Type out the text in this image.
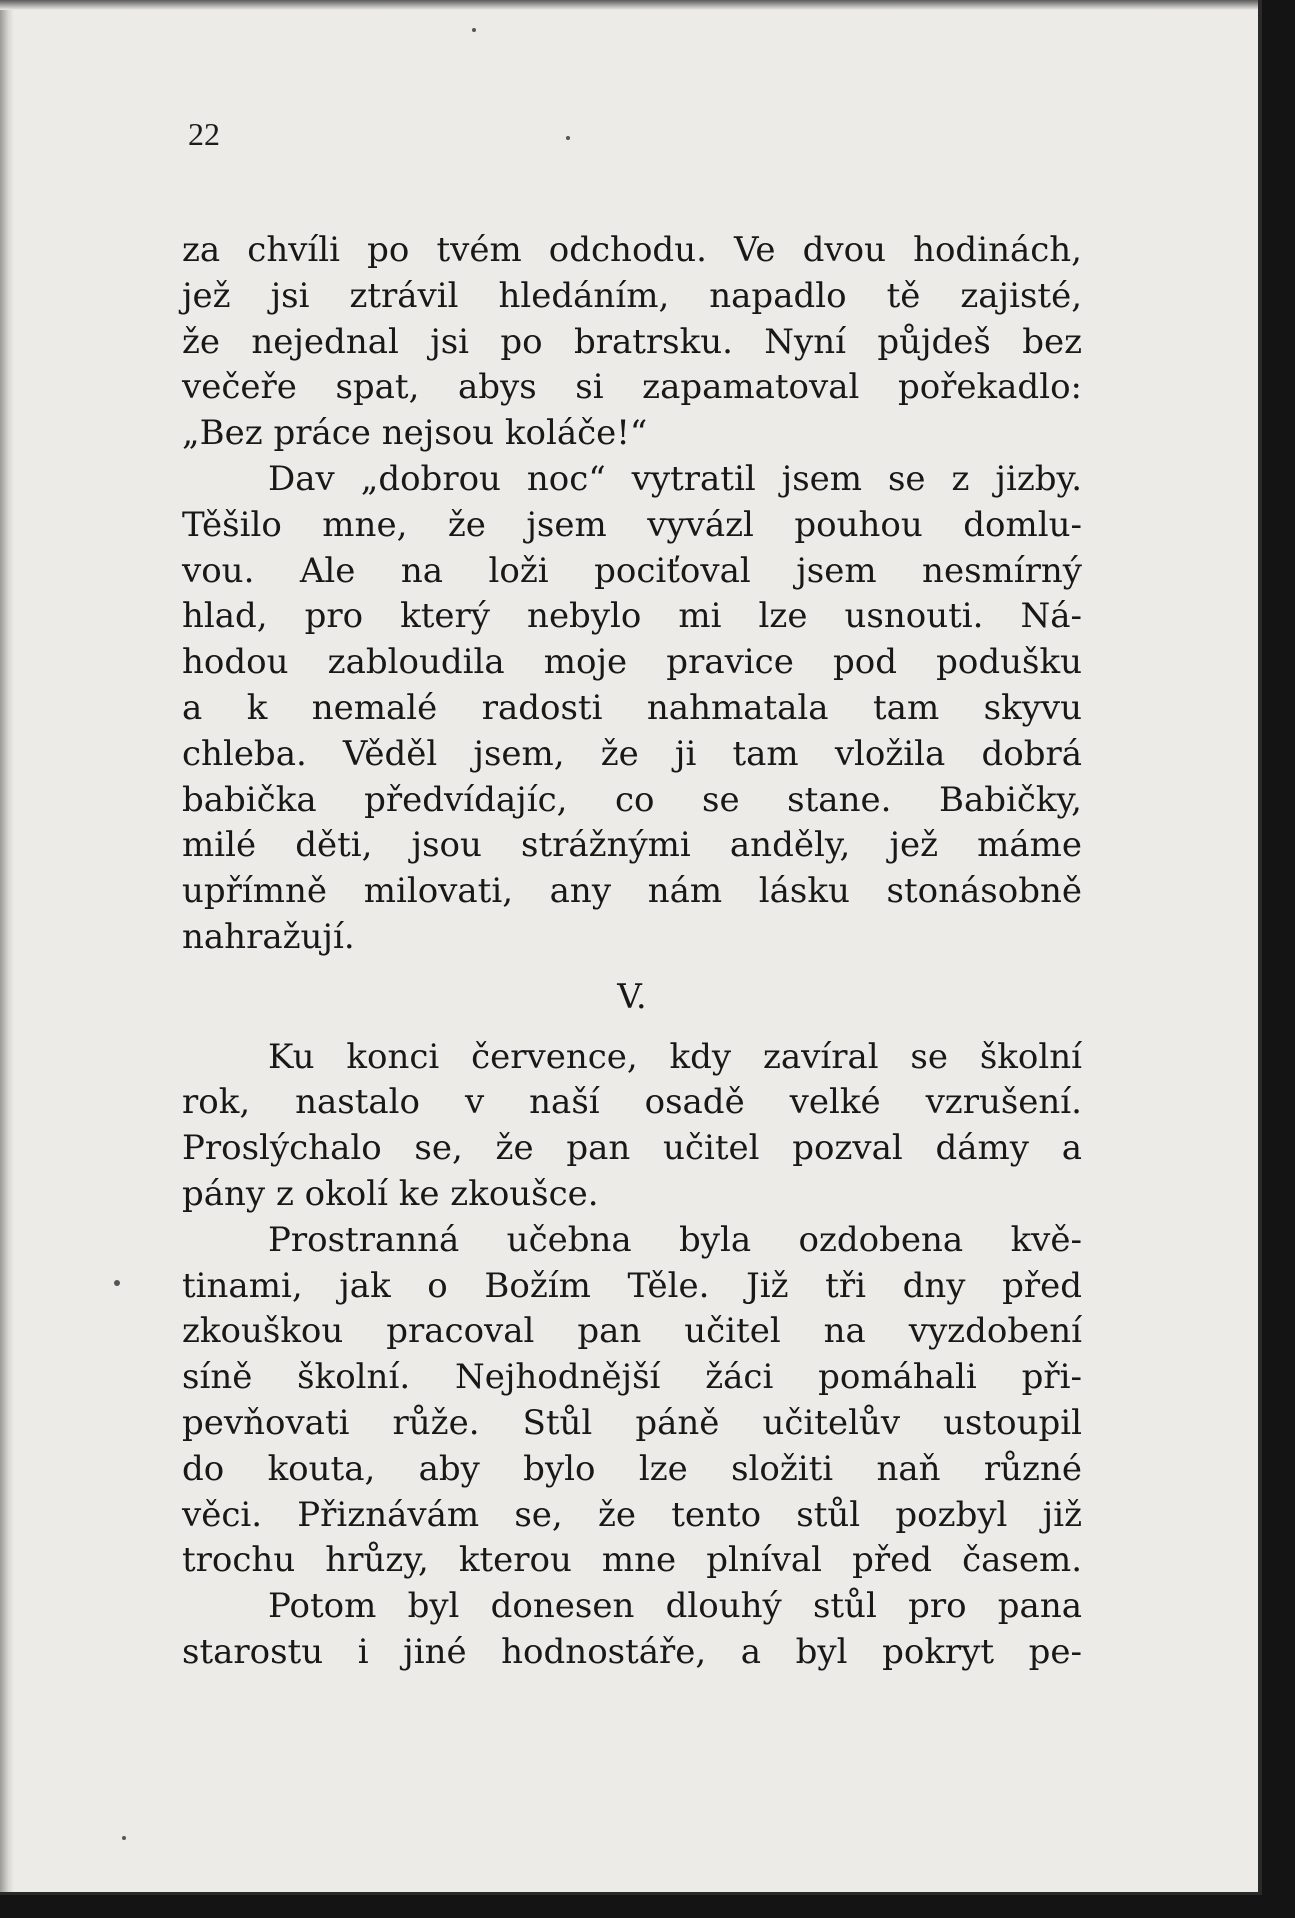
22

za chvíli po tvém odchodu. Ve dvou hodinách,

jež jsi ztrávil hledáním, napadlo tě zajisté,

že nejednal jsi po bratrsku. Nyní půjdeš bez

večeře spat, abys si zapamatoval pořekadlo:

„Bez práce nejsou koláče!“

Dav „dobrou noc“ vytratil jsem se z jizby.

Těšilo mne, že jsem vyvázl pouhou domlu-

vou. Ale na loži pociťoval jsem nesmírný

hlad, pro který nebylo mi lze usnouti. Ná-

hodou zabloudila moje pravice pod podušku

a k nemalé radosti nahmatala tam skyvu

chleba. Věděl jsem, že ji tam vložila dobrá

babička předvídajíc, co se stane. Babičky,

milé děti, jsou strážnými anděly, jež máme

upřímně milovati, any nám lásku stonásobně

nahražují.

V.

Ku konci července, kdy zavíral se školní

rok, nastalo v naší osadě velké vzrušení.

Proslýchalo se, že pan učitel pozval dámy a

pány z okolí ke zkoušce.

Prostranná učebna byla ozdobena kvě-

tinami, jak o Božím Těle. Již tři dny před

zkouškou pracoval pan učitel na vyzdobení

síně školní. Nejhodnější žáci pomáhali při-

pevňovati růže. Stůl páně učitelův ustoupil

do kouta, aby bylo lze složiti naň různé

věci. Přiznávám se, že tento stůl pozbyl již

trochu hrůzy, kterou mne plníval před časem.

Potom byl donesen dlouhý stůl pro pana

starostu i jiné hodnostáře, a byl pokryt pe-
